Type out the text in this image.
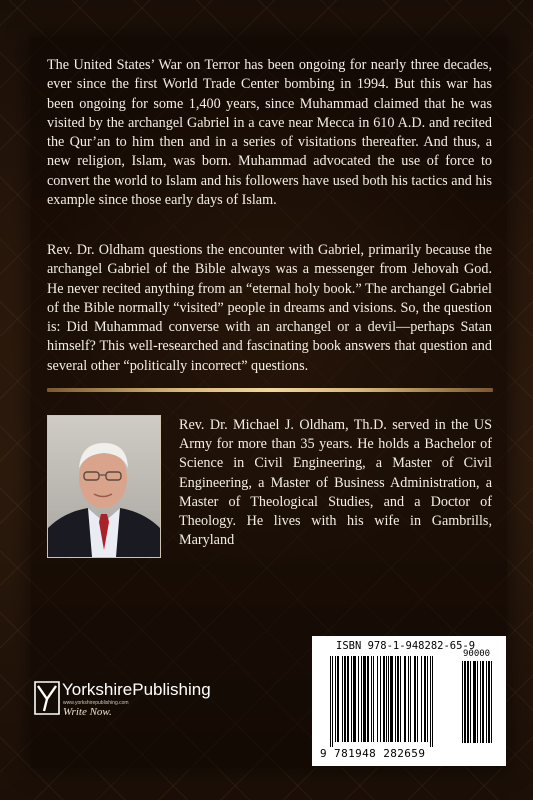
The United States’ War on Terror has been ongoing for nearly three decades, ever since the first World Trade Center bombing in 1994. But this war has been ongoing for some 1,400 years, since Muhammad claimed that he was visited by the archangel Gabriel in a cave near Mecca in 610 A.D. and recited the Qur’an to him then and in a series of visitations thereafter. And thus, a new religion, Islam, was born. Muhammad advocated the use of force to convert the world to Islam and his followers have used both his tactics and his example since those early days of Islam.

Rev. Dr. Oldham questions the encounter with Gabriel, primarily because the archangel Gabriel of the Bible always was a messenger from Jehovah God. He never recited anything from an “eternal holy book.” The archangel Gabriel of the Bible normally “visited” people in dreams and visions. So, the question is: Did Muhammad converse with an archangel or a devil—perhaps Satan himself? This well-researched and fascinating book answers that question and several other “politically incorrect” questions.

Rev. Dr. Michael J. Oldham, Th.D. served in the US Army for more than 35 years. He holds a Bachelor of Science in Civil Engineering, a Master of Civil Engineering, a Master of Business Administration, a Master of Theological Studies, and a Doctor of Theology. He lives with his wife in Gambrills, Maryland

YorkshirePublishing
www.yorkshirepublishing.com
Write Now.
ISBN 978-1-948282-65-9
90000
9 781948 282659
